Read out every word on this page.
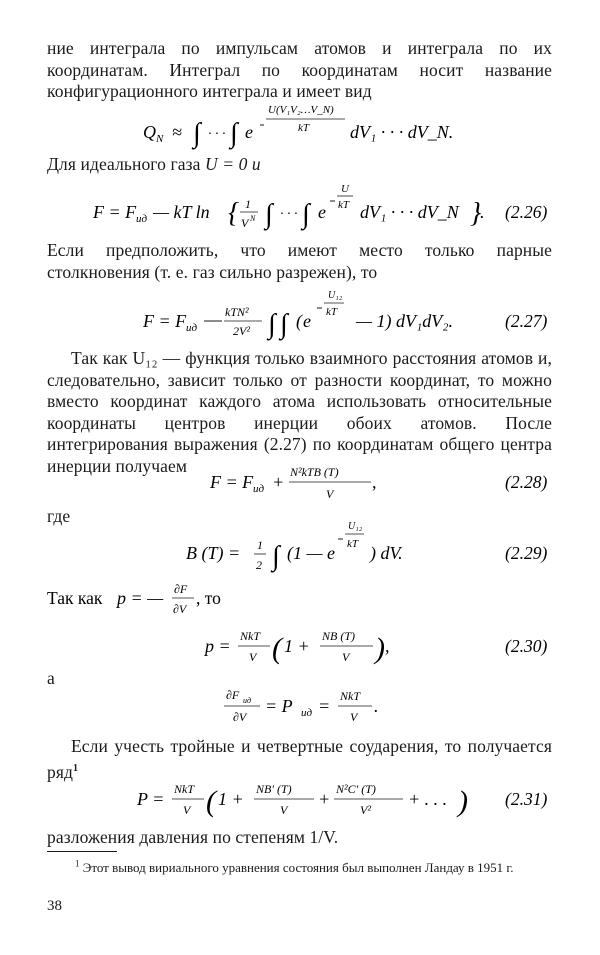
ние интеграла по импульсам атомов и интеграла по их координатам. Интеграл по координатам носит название конфигурационного интеграла и имеет вид
Q N ≈ ∫ · · · ∫ e
U(V₁V₂…V_N)
kT dV₁ · · · dV_N.
Для идеального газа U = 0 и
F = F ид — kT ln { 1
V N ∫ · · · ∫ e
U
kT dV₁ · · · dV_N }
. (2.26)
Если предположить, что имеют место только парные столкновения (т. е. газ сильно разрежен), то
F = F ид
kTN²
2V² ∫ ∫ ( e
U₁₂
kT — 1) dV₁dV₂.	(2.27)
Так как U₁₂ — функция только взаимного расстояния атомов и, следовательно, зависит только от разности координат, то можно вместо координат каждого атома использовать относительные координаты центров инерции обоих атомов. После интегрирования выражения (2.27) по координатам общего центра инерции получаем
F = F ид + N²kTB (T)
V
,	(2.28)
где
B (T) = 1
2 ∫ (1 — e
U₁₂
kT ) dV.	(2.29)
Так как p = — ∂F
∂V
, то
p = NkT
V ( 1 + NB (T)
V ) ,	(2.30)
а
∂F ид
∂V
= P ид = NkT
V
.
Если учесть тройные и четвертные соударения, то получается ряд$^1$
P = NkT
V ( 1 + NB′ (T)
V
+ N²C′ (T)
V²
+ . . . ) (2.31)
разложения давления по степеням 1/V.
$^1$ Этот вывод вириального уравнения состояния был выполнен Ландау в 1951 г.
38
